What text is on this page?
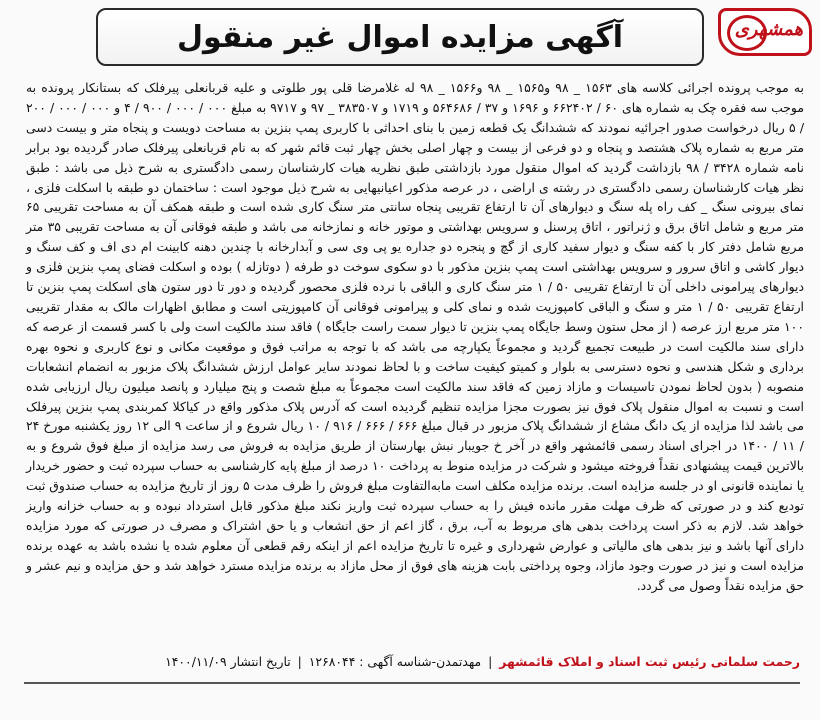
آگهی مزایده اموال غیر منقول	همشهری
به موجب پرونده اجرائی کلاسه های ۱۵۶۳ _ ۹۸ و۱۵۶۵ _ ۹۸ و۱۵۶۶ _ ۹۸ له غلامرضا قلی پور طلوتی و علیه قربانعلی پیرفلک که بستانکار پرونده به موجب سه فقره چک به شماره های ۶۰ / ۶۶۲۴۰۲ و ۱۶۹۶ و ۳۷ / ۵۶۴۶۸۶ و ۱۷۱۹ و ۳۸۳۵۰۷ _ ۹۷ و ۹۷۱۷ به مبلغ ۰۰۰ / ۰۰۰ / ۹۰۰ / ۴ و ۰۰۰ / ۰۰۰ / ۲۰۰ / ۵ ریال درخواست صدور اجرائیه نمودند که ششدانگ یک قطعه زمین با بنای احداثی با کاربری پمپ بنزین به مساحت دویست و پنجاه متر و بیست دسی متر مربع به شماره پلاک هشتصد و پنجاه و دو فرعی از بیست و چهار اصلی بخش چهار ثبت قائم شهر که به نام قربانعلی پیرفلک صادر گردیده بود برابر نامه شماره ۳۴۲۸ / ۹۸ بازداشت گردید که اموال منقول مورد بازداشتی طبق نظریه هیات کارشناسان رسمی دادگستری به شرح ذیل می باشد : طبق نظر هیات کارشناسان رسمی دادگستری در رشته ی اراضی ، در عرصه مذکور اعیانیهایی به شرح ذیل موجود است : ساختمان دو طبقه با اسکلت فلزی ، نمای بیرونی سنگ _ کف راه پله سنگ و دیوارهای آن تا ارتفاع تقریبی پنجاه سانتی متر سنگ کاری شده است و طبقه همکف آن به مساحت تقریبی ۶۵ متر مربع و شامل اتاق برق و ژنراتور ، اتاق پرسنل و سرویس بهداشتی و موتور خانه و نمازخانه می باشد و طبقه فوقانی آن به مساحت تقریبی ۳۵ متر مربع شامل دفتر کار با کفه سنگ و دیوار سفید کاری از گچ و پنجره دو جداره یو پی وی سی و آبدارخانه با چندین دهنه کابینت ام دی اف و کف سنگ و دیوار کاشی و اتاق سرور و سرویس بهداشتی است پمپ بنزین مذکور با دو سکوی سوخت دو طرفه ( دوتازله ) بوده و اسکلت فضای پمپ بنزین فلزی و دیوارهای پیرامونی داخلی آن تا ارتفاع تقریبی ۵۰ / ۱ متر سنگ کاری و الباقی با نرده فلزی محصور گردیده و دور تا دور ستون های اسکلت پمپ بنزین تا ارتفاع تقریبی ۵۰ / ۱ متر و سنگ و الباقی کامپوزیت شده و نمای کلی و پیرامونی فوقانی آن کامپوزیتی است و مطابق اظهارات مالک به مقدار تقریبی ۱۰۰ متر مربع ارز عرصه ( از محل ستون وسط جایگاه پمپ بنزین تا دیوار سمت راست جایگاه ) فاقد سند مالکیت است ولی با کسر قسمت از عرصه که دارای سند مالکیت است در طبیعت تجمیع گردید و مجموعاً یکپارچه می باشد که با توجه به مراتب فوق و موقعیت مکانی و نوع کاربری و نحوه بهره برداری و شکل هندسی و نحوه دسترسی به بلوار و کمیتو کیفیت ساخت و با لحاظ نمودند سایر عوامل ارزش ششدانگ پلاک مزبور به انضمام انشعابات منصوبه ( بدون لحاظ نمودن تاسیسات و مازاد زمین که فاقد سند مالکیت است مجموعاً به مبلغ شصت و پنج میلیارد و پانصد میلیون ریال ارزیابی شده است و نسبت به اموال منقول پلاک فوق نیز بصورت مجزا مزایده تنظیم گردیده است که آدرس پلاک مذکور واقع در کیاکلا کمربندی پمپ بنزین پیرفلک می باشد لذا مزایده از یک دانگ مشاع از ششدانگ پلاک مزبور در قبال مبلغ ۶۶۶ / ۶۶۶ / ۹۱۶ / ۱۰ ریال شروع و از ساعت ۹ الی ۱۲ روز یکشنبه مورخ ۲۴ / ۱۱ / ۱۴۰۰ در اجرای اسناد رسمی قائمشهر واقع در آخر خ جویبار نبش بهارستان از طریق مزایده به فروش می رسد مزایده از مبلغ فوق شروع و به بالاترین قیمت پیشنهادی نقداً فروخته میشود و شرکت در مزایده منوط به پرداخت ۱۰ درصد از مبلغ پایه کارشناسی به حساب سپرده ثبت و حضور خریدار یا نماینده قانونی او در جلسه مزایده است. برنده مزایده مکلف است مابه‌التفاوت مبلغ فروش را ظرف مدت ۵ روز از تاریخ مزایده به حساب صندوق ثبت تودیع کند و در صورتی که ظرف مهلت مقرر مانده فیش را به حساب سپرده ثبت واریز نکند مبلغ مذکور قابل استرداد نبوده و به حساب خزانه واریز خواهد شد. لازم به ذکر است پرداخت بدهی های مربوط به آب، برق ، گاز اعم از حق انشعاب و یا حق اشتراک و مصرف در صورتی که مورد مزایده دارای آنها باشد و نیز بدهی های مالیاتی و عوارض شهرداری و غیره تا تاریخ مزایده اعم از اینکه رقم قطعی آن معلوم شده یا نشده باشد به عهده برنده مزایده است و نیز در صورت وجود مازاد، وجوه پرداختی بابت هزینه های فوق از محل مازاد به برنده مزایده مسترد خواهد شد و حق مزایده و نیم عشر و حق مزایده نقداً وصول می گردد.
رحمت سلمانی رئیس ثبت اسناد و املاک قائمشهر | مهدتمدن-شناسه آگهی : ۱۲۶۸۰۴۴ | تاریخ انتشار ۱۴۰۰/۱۱/۰۹
